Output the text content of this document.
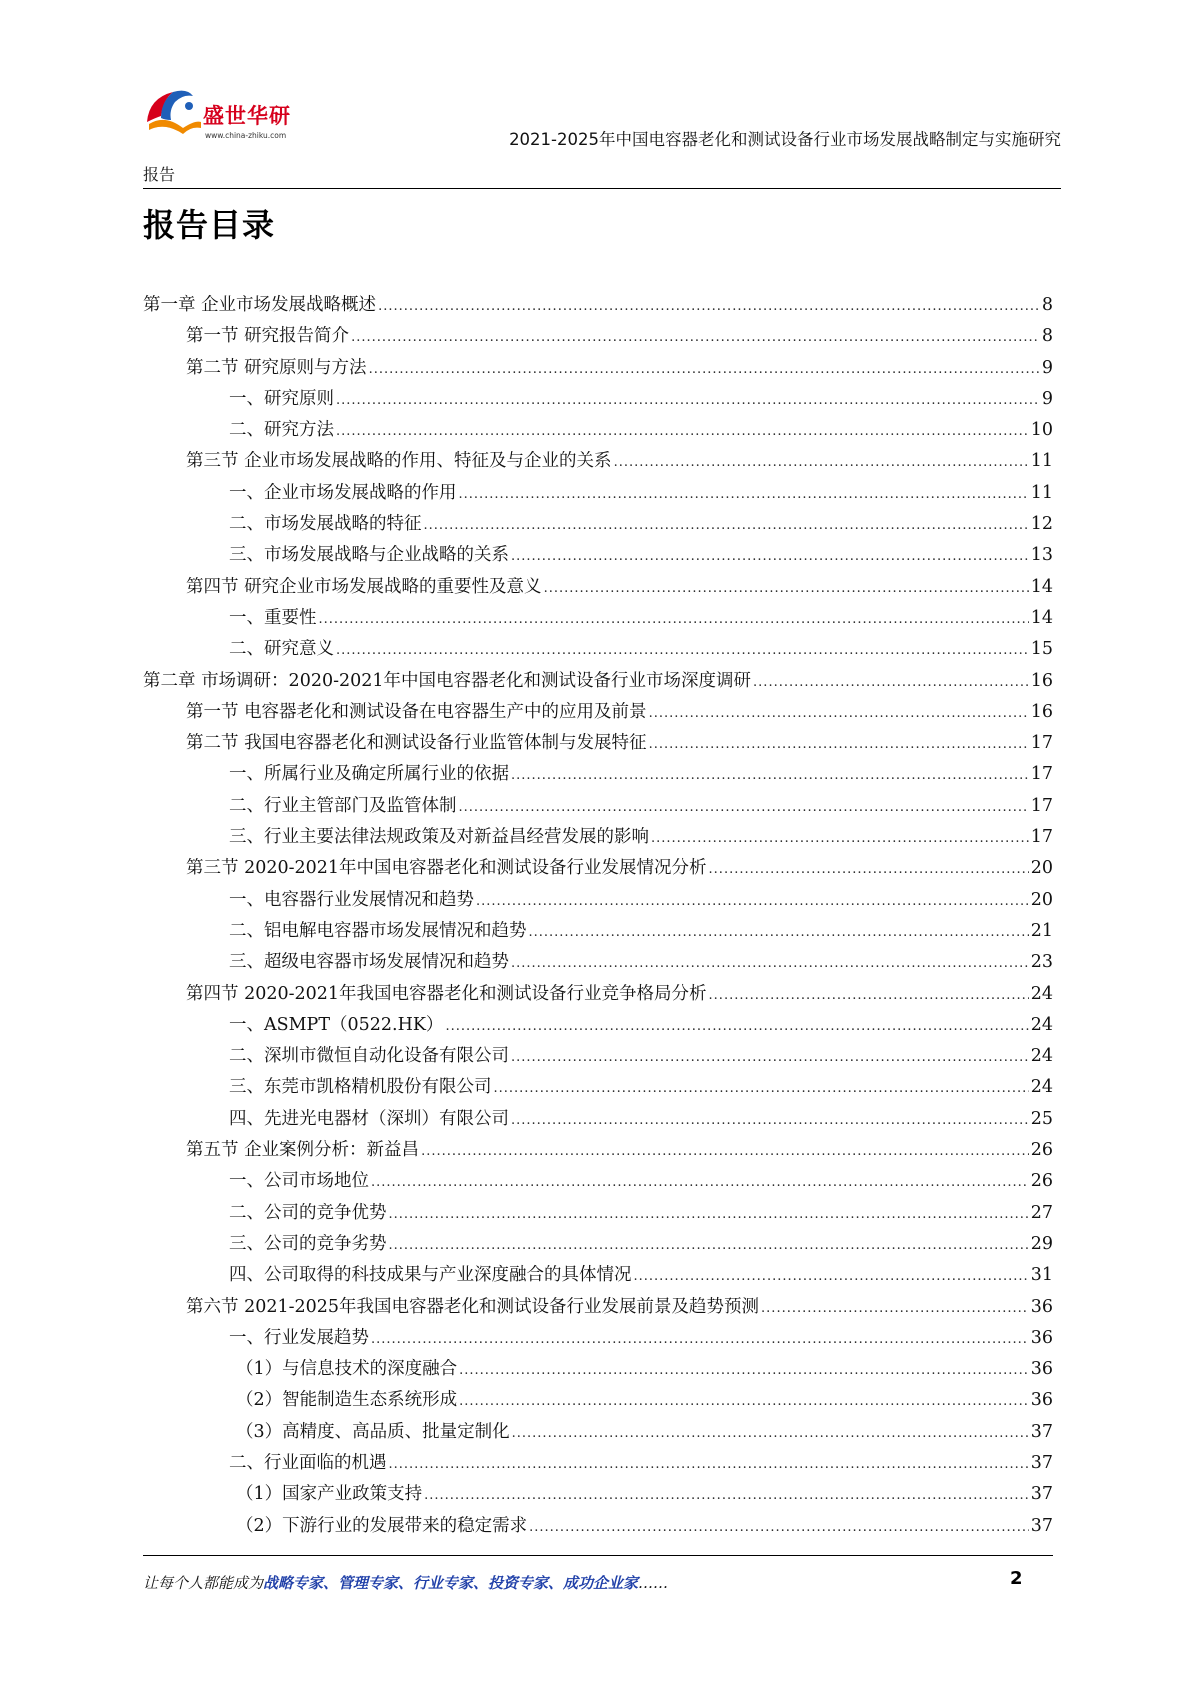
盛世华研
www.china-zhiku.com	2021-2025年中国电容器老化和测试设备行业市场发展战略制定与实施研究
报告
报告目录
第一章 企业市场发展战略概述 .....	8
第一节 研究报告简介 .....	8
第二节 研究原则与方法 .....	9
一、研究原则 .....	9
二、研究方法 .....	10
第三节 企业市场发展战略的作用、特征及与企业的关系 .....	11
一、企业市场发展战略的作用 .....	11
二、市场发展战略的特征 .....	12
三、市场发展战略与企业战略的关系 .....	13
第四节 研究企业市场发展战略的重要性及意义 .....	14
一、重要性 .....	14
二、研究意义 .....	15
第二章 市场调研：2020-2021年中国电容器老化和测试设备行业市场深度调研 .....	16
第一节 电容器老化和测试设备在电容器生产中的应用及前景 .....	16
第二节 我国电容器老化和测试设备行业监管体制与发展特征 .....	17
一、所属行业及确定所属行业的依据 .....	17
二、行业主管部门及监管体制 .....	17
三、行业主要法律法规政策及对新益昌经营发展的影响 .....	17
第三节 2020-2021年中国电容器老化和测试设备行业发展情况分析 .....	20
一、电容器行业发展情况和趋势 .....	20
二、铝电解电容器市场发展情况和趋势 .....	21
三、超级电容器市场发展情况和趋势 .....	23
第四节 2020-2021年我国电容器老化和测试设备行业竞争格局分析 .....	24
一、ASMPT（0522.HK） .....	24
二、深圳市微恒自动化设备有限公司 .....	24
三、东莞市凯格精机股份有限公司 .....	24
四、先进光电器材（深圳）有限公司 .....	25
第五节 企业案例分析：新益昌 .....	26
一、公司市场地位 .....	26
二、公司的竞争优势 .....	27
三、公司的竞争劣势 .....	29
四、公司取得的科技成果与产业深度融合的具体情况 .....	31
第六节 2021-2025年我国电容器老化和测试设备行业发展前景及趋势预测 .....	36
一、行业发展趋势 .....	36
（1）与信息技术的深度融合 .....	36
（2）智能制造生态系统形成 .....	36
（3）高精度、高品质、批量定制化 .....	37
二、行业面临的机遇 .....	37
（1）国家产业政策支持 .....	37
（2）下游行业的发展带来的稳定需求 .....	37
让每个人都能成为战略专家、管理专家、行业专家、投资专家、成功企业家……	2
